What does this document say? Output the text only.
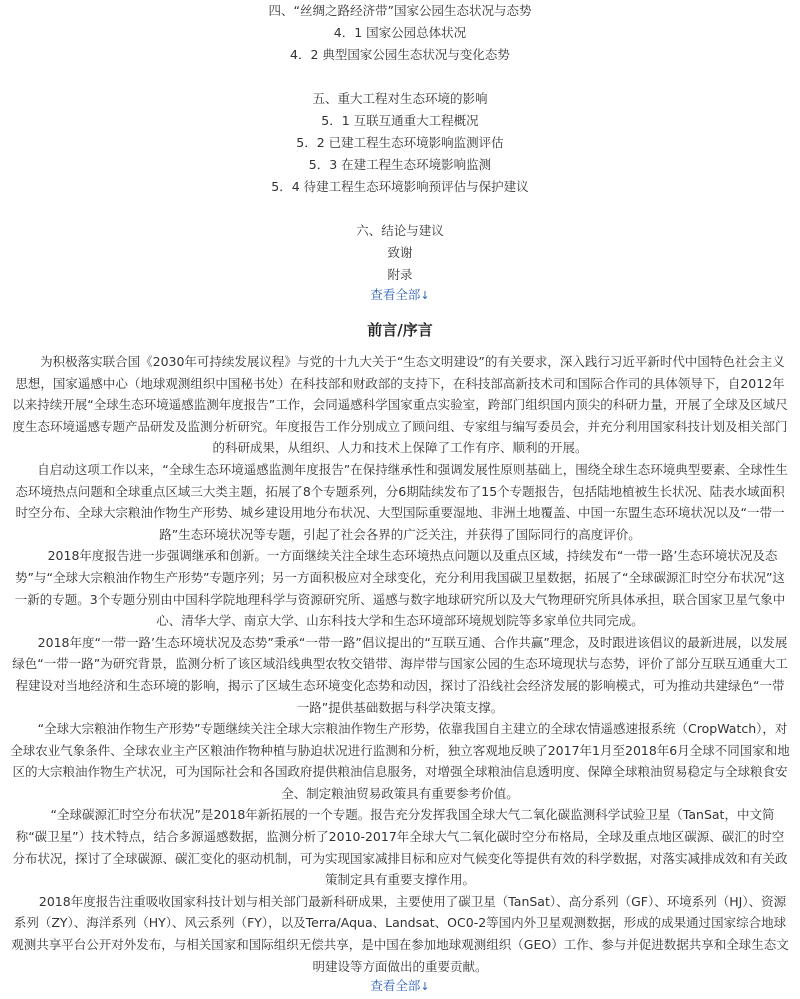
四、“丝绸之路经济带”国家公园生态状况与态势
4．1 国家公园总体状况
4．2 典型国家公园生态状况与变化态势
五、重大工程对生态环境的影响
5．1 互联互通重大工程概况
5．2 已建工程生态环境影响监测评估
5．3 在建工程生态环境影响监测
5．4 待建工程生态环境影响预评估与保护建议
六、结论与建议
致谢
附录
查看全部↓
前言/序言

为积极落实联合国《2030年可持续发展议程》与党的十九大关于“生态文明建设”的有关要求，深入践行习近平新时代中国特色社会主义思想，国家遥感中心（地球观测组织中国秘书处）在科技部和财政部的支持下，在科技部高新技术司和国际合作司的具体领导下，自2012年以来持续开展“全球生态环境遥感监测年度报告”工作，会同遥感科学国家重点实验室，跨部门组织国内顶尖的科研力量，开展了全球及区域尺度生态环境遥感专题产品研发及监测分析研究。年度报告工作分别成立了顾问组、专家组与编写委员会，并充分利用国家科技计划及相关部门的科研成果，从组织、人力和技术上保障了工作有序、顺利的开展。

自启动这项工作以来，“全球生态环境遥感监测年度报告”在保持继承性和强调发展性原则基础上，围绕全球生态环境典型要素、全球性生态环境热点问题和全球重点区域三大类主题，拓展了8个专题系列，分6期陆续发布了15个专题报告，包括陆地植被生长状况、陆表水域面积时空分布、全球大宗粮油作物生产形势、城乡建设用地分布状况、大型国际重要湿地、非洲土地覆盖、中国一东盟生态环境状况以及“一带一路”生态环境状况等专题，引起了社会各界的广泛关注，并获得了国际同行的高度评价。

2018年度报告进一步强调继承和创新。一方面继续关注全球生态环境热点问题以及重点区域，持续发布“一带一路’生态环境状况及态势”与“全球大宗粮油作物生产形势”专题序列；另一方面积极应对全球变化，充分利用我国碳卫星数据，拓展了“全球碳源汇时空分布状况”这一新的专题。3个专题分别由中国科学院地理科学与资源研究所、遥感与数字地球研究所以及大气物理研究所具体承担，联合国家卫星气象中心、清华大学、南京大学、山东科技大学和生态环境部环境规划院等多家单位共同完成。

2018年度“一带一路’生态环境状况及态势”秉承“一带一路”倡议提出的“互联互通、合作共赢”理念，及时跟进该倡议的最新进展，以发展绿色“一带一路”为研究背景，监测分析了该区域沿线典型农牧交错带、海岸带与国家公园的生态环境现状与态势，评价了部分互联互通重大工程建设对当地经济和生态环境的影响，揭示了区域生态环境变化态势和动因，探讨了沿线社会经济发展的影响模式，可为推动共建绿色“一带一路”提供基础数据与科学决策支撑。

“全球大宗粮油作物生产形势”专题继续关注全球大宗粮油作物生产形势，依靠我国自主建立的全球农情遥感速报系统（CropWatch），对全球农业气象条件、全球农业主产区粮油作物种植与胁迫状况进行监测和分析，独立客观地反映了2017年1月至2018年6月全球不同国家和地区的大宗粮油作物生产状况，可为国际社会和各国政府提供粮油信息服务，对增强全球粮油信息透明度、保障全球粮油贸易稳定与全球粮食安全、制定粮油贸易政策具有重要参考价值。

“全球碳源汇时空分布状况”是2018年新拓展的一个专题。报告充分发挥我国全球大气二氧化碳监测科学试验卫星（TanSat，中文简称“碳卫星”）技术特点，结合多源遥感数据，监测分析了2010-2017年全球大气二氧化碳时空分布格局，全球及重点地区碳源、碳汇的时空分布状况，探讨了全球碳源、碳汇变化的驱动机制，可为实现国家减排目标和应对气候变化等提供有效的科学数据，对落实减排成效和有关政策制定具有重要支撑作用。

2018年度报告注重吸收国家科技计划与相关部门最新科研成果，主要使用了碳卫星（TanSat）、高分系列（GF）、环境系列（HJ）、资源系列（ZY）、海洋系列（HY）、风云系列（FY），以及Terra/Aqua、Landsat、OC0-2等国内外卫星观测数据，形成的成果通过国家综合地球观测共享平台公开对外发布，与相关国家和国际组织无偿共享，是中国在参加地球观测组织（GEO）工作、参与并促进数据共享和全球生态文明建设等方面做出的重要贡献。

查看全部↓
